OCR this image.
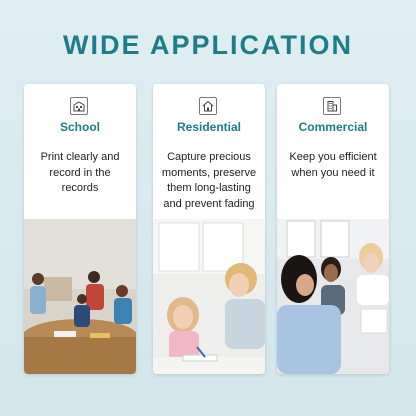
WIDE APPLICATION
School
Print clearly and record in the records
Residential
Capture precious moments, preserve them long-lasting and prevent fading
Commercial
Keep you efficient when you need it
